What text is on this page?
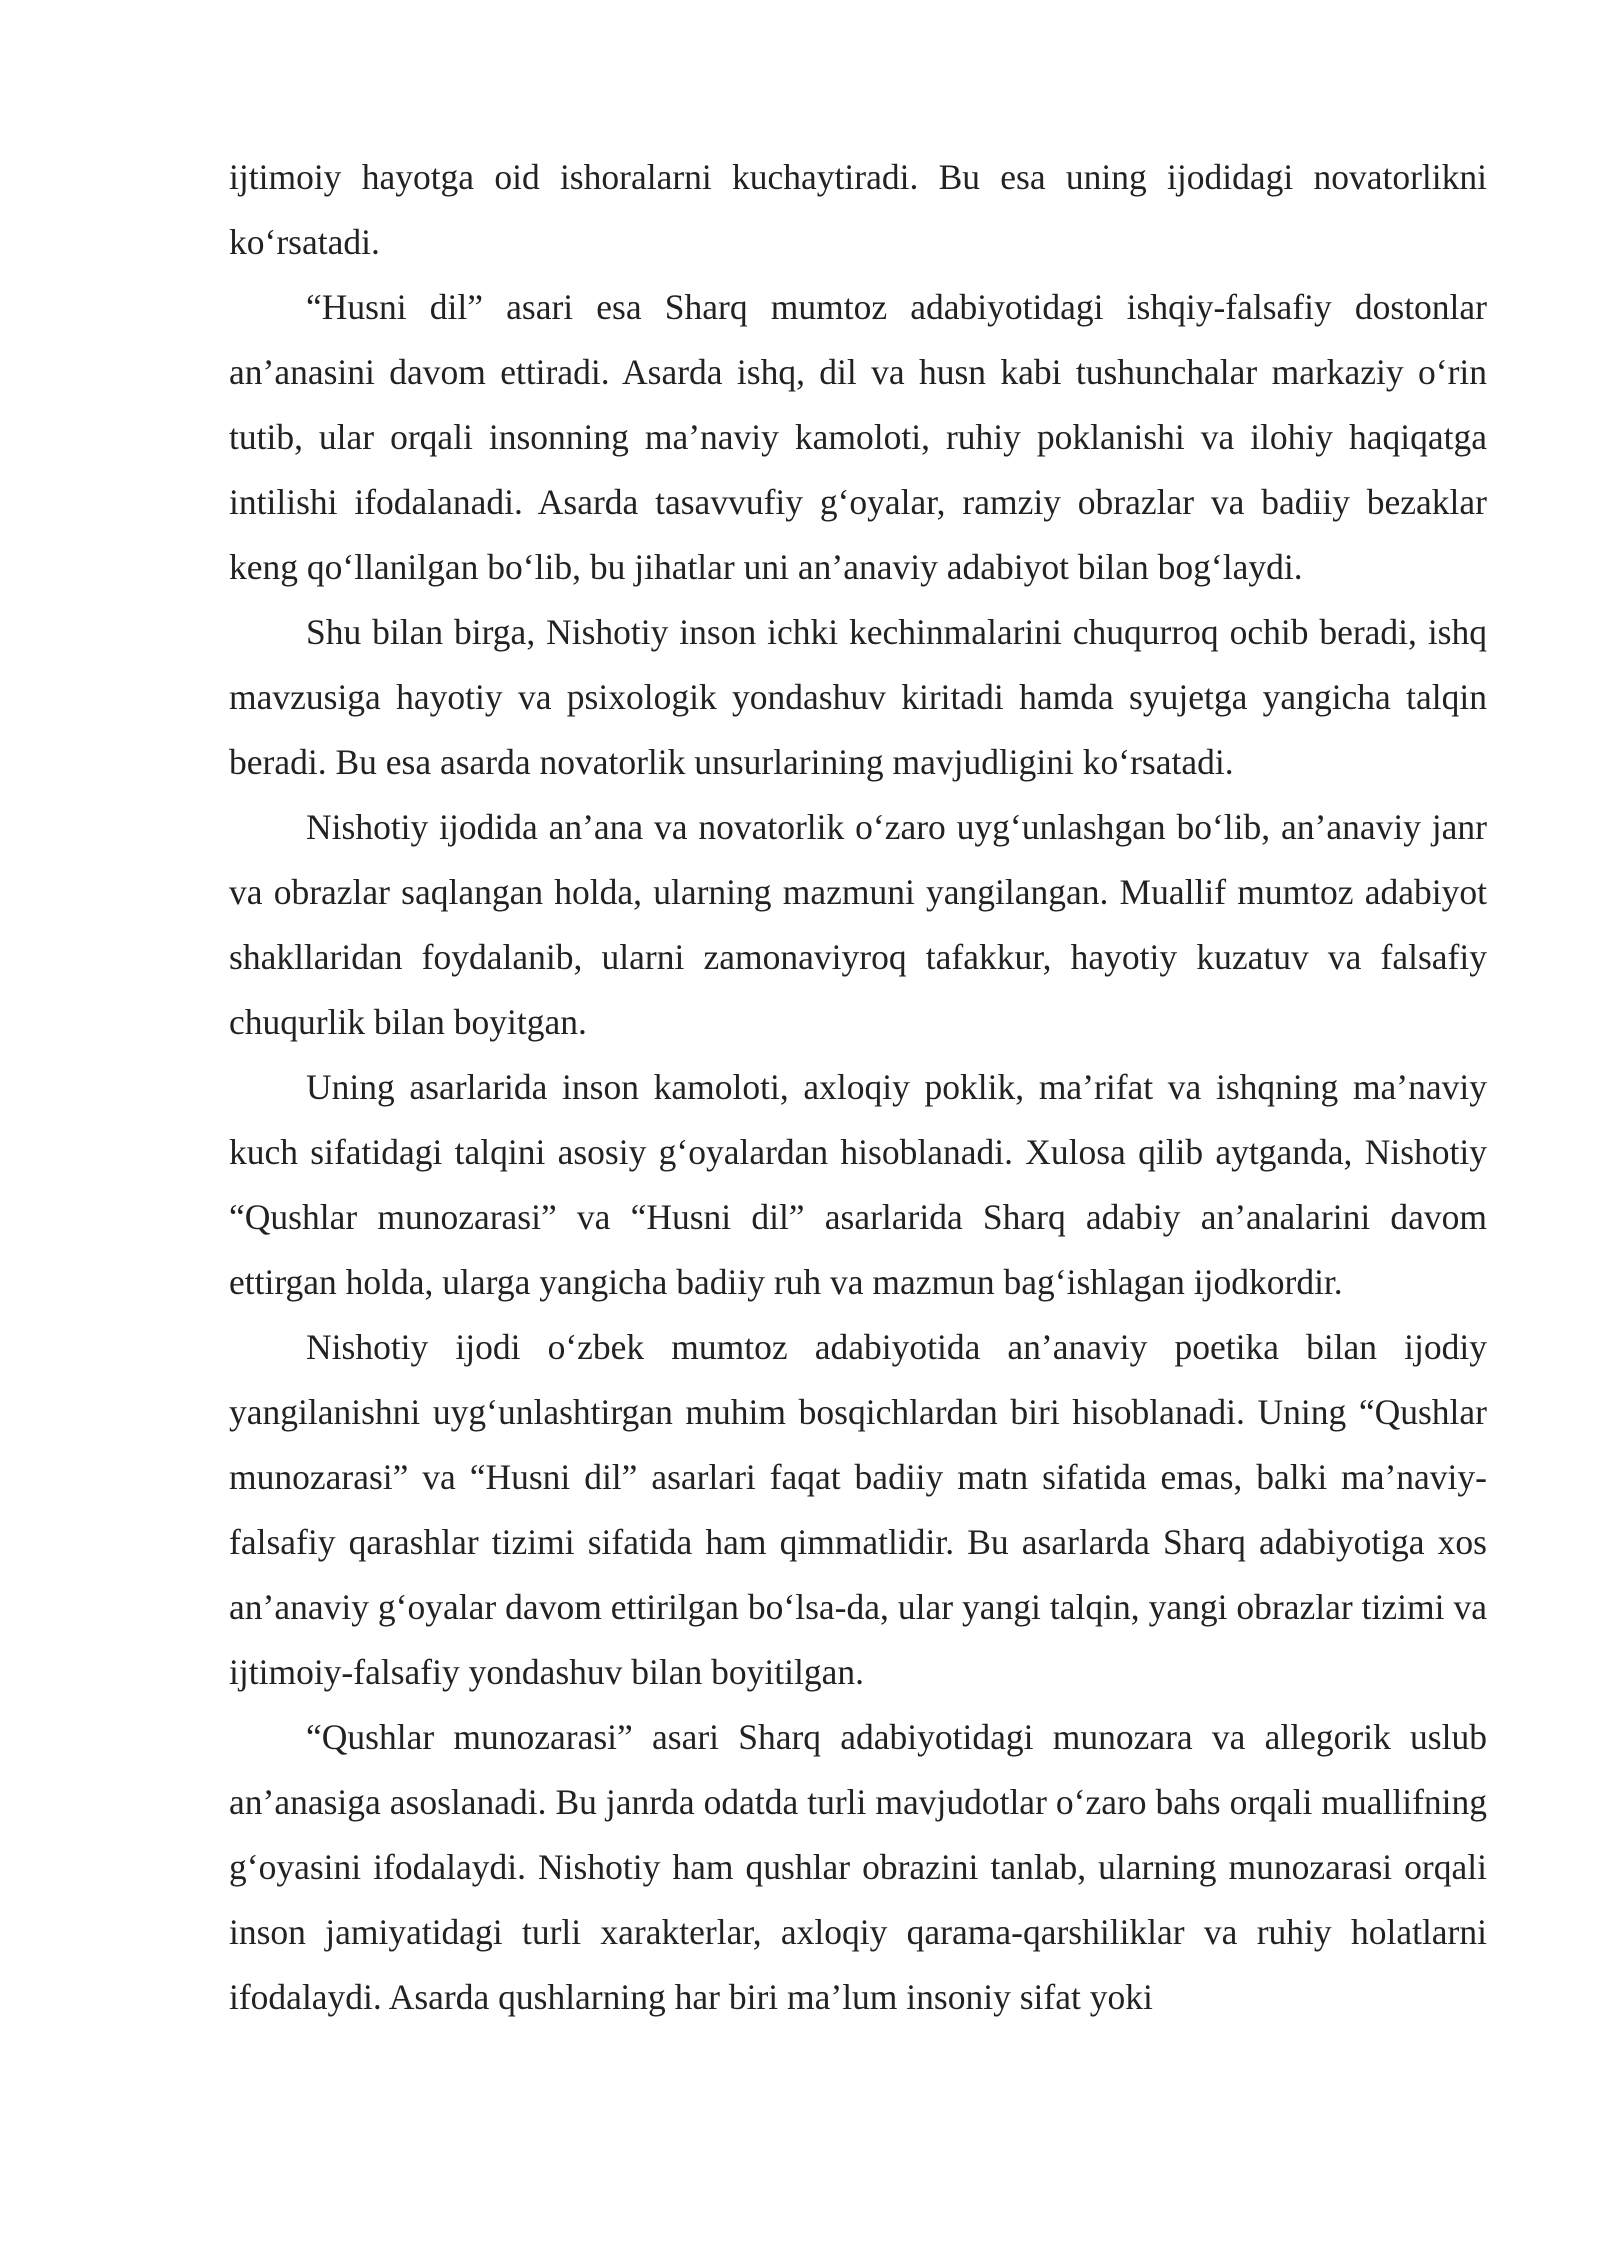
ijtimoiy hayotga oid ishoralarni kuchaytiradi. Bu esa uning ijodidagi novatorlikni ko‘rsatadi.

“Husni dil” asari esa Sharq mumtoz adabiyotidagi ishqiy-falsafiy dostonlar an’anasini davom ettiradi. Asarda ishq, dil va husn kabi tushunchalar markaziy o‘rin tutib, ular orqali insonning ma’naviy kamoloti, ruhiy poklanishi va ilohiy haqiqatga intilishi ifodalanadi. Asarda tasavvufiy g‘oyalar, ramziy obrazlar va badiiy bezaklar keng qo‘llanilgan bo‘lib, bu jihatlar uni an’anaviy adabiyot bilan bog‘laydi.

Shu bilan birga, Nishotiy inson ichki kechinmalarini chuqurroq ochib beradi, ishq mavzusiga hayotiy va psixologik yondashuv kiritadi hamda syujetga yangicha talqin beradi. Bu esa asarda novatorlik unsurlarining mavjudligini ko‘rsatadi.

Nishotiy ijodida an’ana va novatorlik o‘zaro uyg‘unlashgan bo‘lib, an’anaviy janr va obrazlar saqlangan holda, ularning mazmuni yangilangan. Muallif mumtoz adabiyot shakllaridan foydalanib, ularni zamonaviyroq tafakkur, hayotiy kuzatuv va falsafiy chuqurlik bilan boyitgan.

Uning asarlarida inson kamoloti, axloqiy poklik, ma’rifat va ishqning ma’naviy kuch sifatidagi talqini asosiy g‘oyalardan hisoblanadi. Xulosa qilib aytganda, Nishotiy “Qushlar munozarasi” va “Husni dil” asarlarida Sharq adabiy an’analarini davom ettirgan holda, ularga yangicha badiiy ruh va mazmun bag‘ishlagan ijodkordir.

Nishotiy ijodi o‘zbek mumtoz adabiyotida an’anaviy poetika bilan ijodiy yangilanishni uyg‘unlashtirgan muhim bosqichlardan biri hisoblanadi. Uning “Qushlar munozarasi” va “Husni dil” asarlari faqat badiiy matn sifatida emas, balki ma’naviy-falsafiy qarashlar tizimi sifatida ham qimmatlidir. Bu asarlarda Sharq adabiyotiga xos an’anaviy g‘oyalar davom ettirilgan bo‘lsa-da, ular yangi talqin, yangi obrazlar tizimi va ijtimoiy-falsafiy yondashuv bilan boyitilgan.

“Qushlar munozarasi” asari Sharq adabiyotidagi munozara va allegorik uslub an’anasiga asoslanadi. Bu janrda odatda turli mavjudotlar o‘zaro bahs orqali muallifning g‘oyasini ifodalaydi. Nishotiy ham qushlar obrazini tanlab, ularning munozarasi orqali inson jamiyatidagi turli xarakterlar, axloqiy qarama-qarshiliklar va ruhiy holatlarni ifodalaydi. Asarda qushlarning har biri ma’lum insoniy sifat yoki
